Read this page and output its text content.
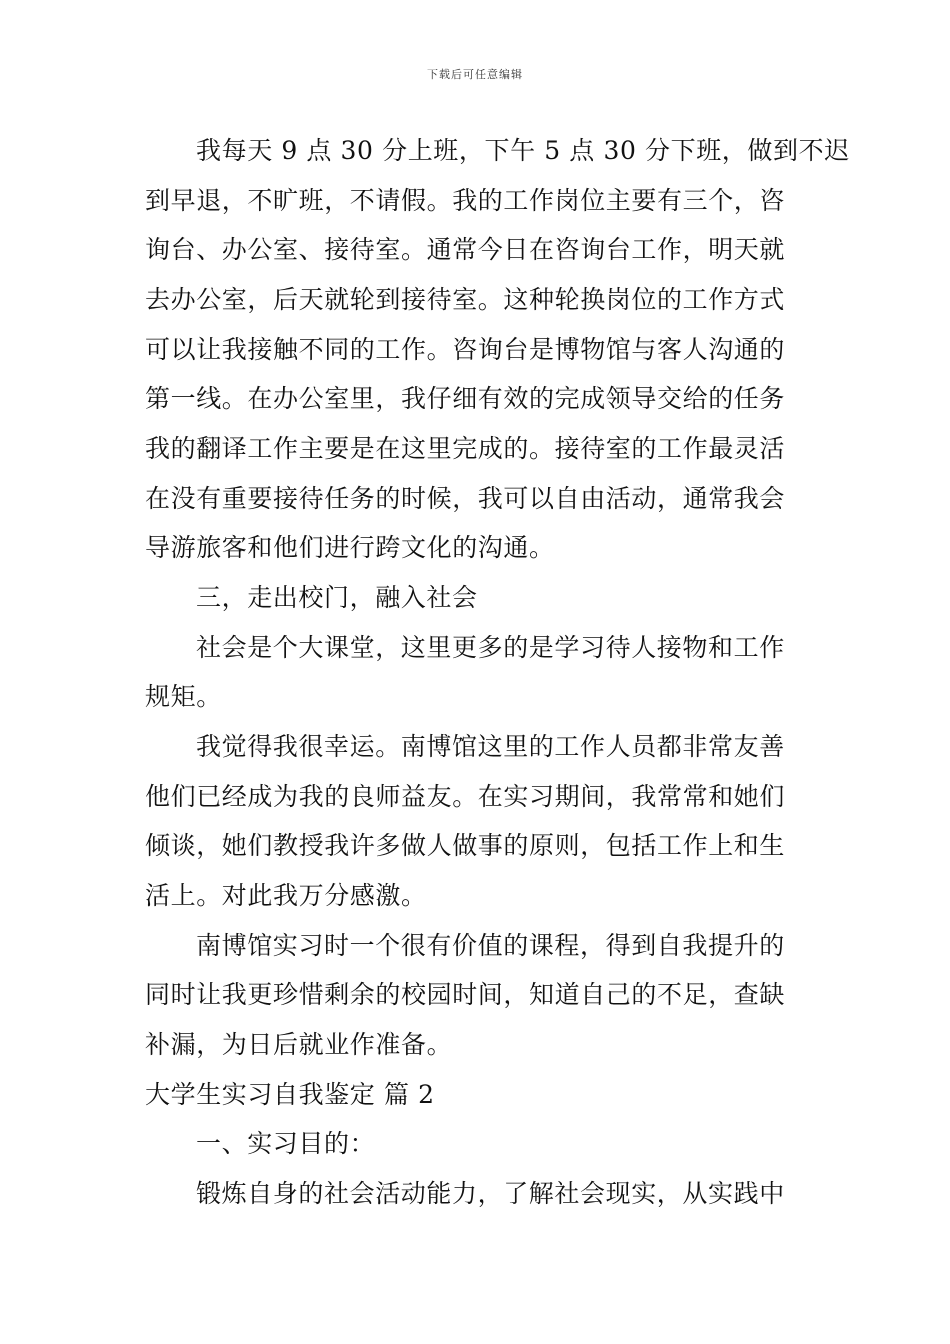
下载后可任意编辑
我每天 9 点 30 分上班，下午 5 点 30 分下班，做到不迟
到早退，不旷班，不请假。我的工作岗位主要有三个，咨
询台、办公室、接待室。通常今日在咨询台工作，明天就
去办公室，后天就轮到接待室。这种轮换岗位的工作方式
可以让我接触不同的工作。咨询台是博物馆与客人沟通的
第一线。在办公室里，我仔细有效的完成领导交给的任务
我的翻译工作主要是在这里完成的。接待室的工作最灵活
在没有重要接待任务的时候，我可以自由活动，通常我会
导游旅客和他们进行跨文化的沟通。
三，走出校门，融入社会
社会是个大课堂，这里更多的是学习待人接物和工作
规矩。
我觉得我很幸运。南博馆这里的工作人员都非常友善
他们已经成为我的良师益友。在实习期间，我常常和她们
倾谈，她们教授我许多做人做事的原则，包括工作上和生
活上。对此我万分感激。
南博馆实习时一个很有价值的课程，得到自我提升的
同时让我更珍惜剩余的校园时间，知道自己的不足，查缺
补漏，为日后就业作准备。
大学生实习自我鉴定 篇 2
一、实习目的：
锻炼自身的社会活动能力，了解社会现实，从实践中
